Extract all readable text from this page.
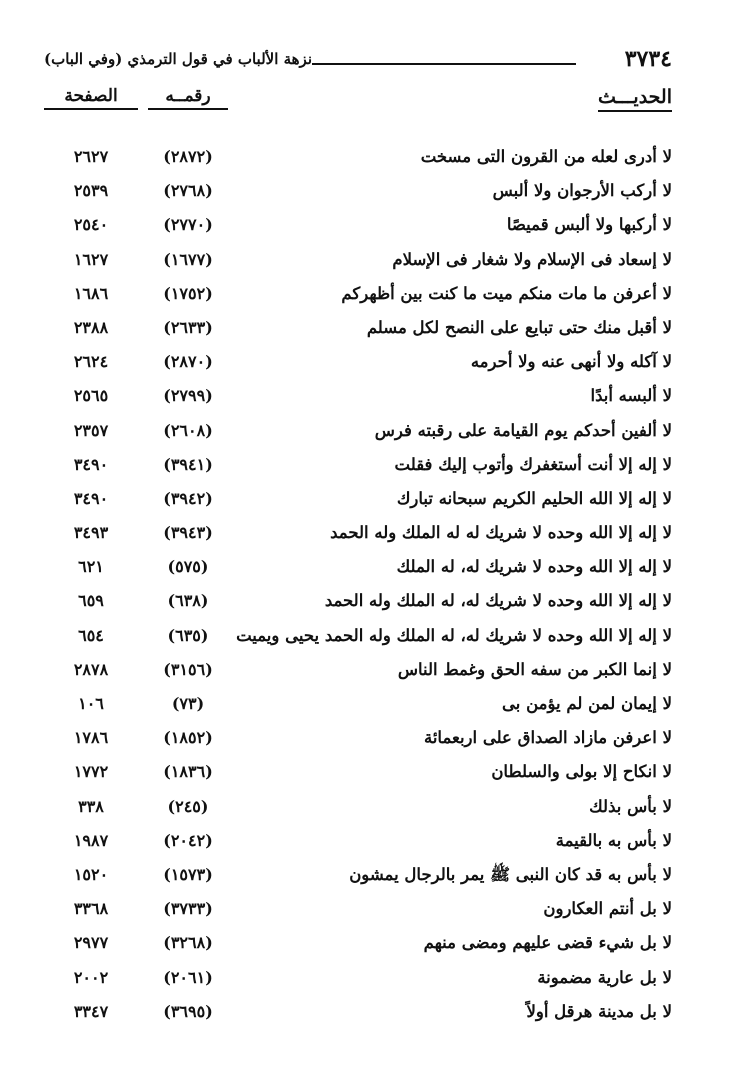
٣٧٣٤
نزهة الألباب في قول الترمذي (وفي الباب)
الحديـــث
رقمــه
الصفحة
لا أدرى لعله من القرون التى مسخت
(٢٨٧٢)
٢٦٢٧
لا أركب الأرجوان ولا ألبس
(٢٧٦٨)
٢٥٣٩
لا أركبها ولا ألبس قميصًا
(٢٧٧٠)
٢٥٤٠
لا إسعاد فى الإسلام ولا شغار فى الإسلام
(١٦٧٧)
١٦٢٧
لا أعرفن ما مات منكم ميت ما كنت بين أظهركم
(١٧٥٢)
١٦٨٦
لا أقبل منك حتى تبايع على النصح لكل مسلم
(٢٦٣٣)
٢٣٨٨
لا آكله ولا أنهى عنه ولا أحرمه
(٢٨٧٠)
٢٦٢٤
لا ألبسه أبدًا
(٢٧٩٩)
٢٥٦٥
لا ألفين أحدكم يوم القيامة على رقبته فرس
(٢٦٠٨)
٢٣٥٧
لا إله إلا أنت أستغفرك وأتوب إليك فقلت
(٣٩٤١)
٣٤٩٠
لا إله إلا الله الحليم الكريم سبحانه تبارك
(٣٩٤٢)
٣٤٩٠
لا إله إلا الله وحده لا شريك له له الملك وله الحمد
(٣٩٤٣)
٣٤٩٣
لا إله إلا الله وحده لا شريك له، له الملك
(٥٧٥)
٦٢١
لا إله إلا الله وحده لا شريك له، له الملك وله الحمد
(٦٣٨)
٦٥٩
لا إله إلا الله وحده لا شريك له، له الملك وله الحمد يحيى ويميت
(٦٣٥)
٦٥٤
لا إنما الكبر من سفه الحق وغمط الناس
(٣١٥٦)
٢٨٧٨
لا إيمان لمن لم يؤمن بى
(٧٣)
١٠٦
لا اعرفن مازاد الصداق على اربعمائة
(١٨٥٢)
١٧٨٦
لا انكاح إلا بولى والسلطان
(١٨٣٦)
١٧٧٢
لا بأس بذلك
(٢٤٥)
٣٣٨
لا بأس به بالقيمة
(٢٠٤٢)
١٩٨٧
لا بأس به قد كان النبى ﷺ يمر بالرجال يمشون
(١٥٧٣)
١٥٢٠
لا بل أنتم العكارون
(٣٧٣٣)
٣٣٦٨
لا بل شيء قضى عليهم ومضى منهم
(٣٢٦٨)
٢٩٧٧
لا بل عارية مضمونة
(٢٠٦١)
٢٠٠٢
لا بل مدينة هرقل أولاً
(٣٦٩٥)
٣٣٤٧
